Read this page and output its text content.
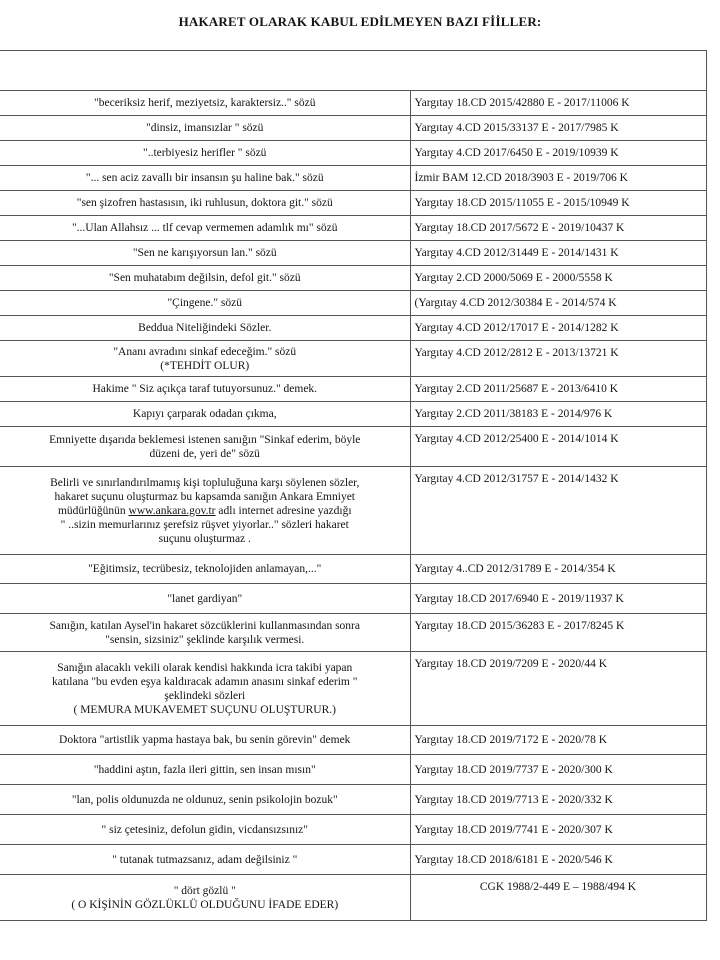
HAKARET OLARAK KABUL EDİLMEYEN BAZI FİİLLER:

"beceriksiz herif, meziyetsiz, karaktersiz.." sözü	Yargıtay 18.CD 2015/42880 E - 2017/11006 K
"dinsiz, imansızlar " sözü	Yargıtay 4.CD 2015/33137 E - 2017/7985 K
"..terbiyesiz herifler " sözü	Yargıtay 4.CD 2017/6450 E - 2019/10939 K
"... sen aciz zavallı bir insansın şu haline bak." sözü	İzmir BAM 12.CD 2018/3903 E - 2019/706 K
"sen şizofren hastasısın, iki ruhlusun, doktora git." sözü	Yargıtay 18.CD 2015/11055 E - 2015/10949 K
"...Ulan Allahsız ... tlf cevap vermemen adamlık mı" sözü	Yargıtay 18.CD 2017/5672 E - 2019/10437 K
"Sen ne karışıyorsun lan." sözü	Yargıtay 4.CD 2012/31449 E - 2014/1431 K
"Sen muhatabım değilsin, defol git." sözü	Yargıtay 2.CD 2000/5069 E - 2000/5558 K
"Çingene." sözü	(Yargıtay 4.CD 2012/30384 E - 2014/574 K
Beddua Niteliğindeki Sözler.	Yargıtay 4.CD 2012/17017 E - 2014/1282 K

"Ananı avradını sinkaf edeceğim." sözü
(*TEHDİT OLUR)	Yargıtay 4.CD 2012/2812 E - 2013/13721 K
Hakime " Siz açıkça taraf tutuyorsunuz." demek.	Yargıtay 2.CD 2011/25687 E - 2013/6410 K
Kapıyı çarparak odadan çıkma,	Yargıtay 2.CD 2011/38183 E - 2014/976 K

Emniyette dışarıda beklemesi istenen sanığın "Sinkaf ederim, böyle
düzeni de, yeri de" sözü	Yargıtay 4.CD 2012/25400 E - 2014/1014 K

Belirli ve sınırlandırılmamış kişi topluluğuna karşı söylenen sözler,
hakaret suçunu oluşturmaz bu kapsamda sanığın Ankara Emniyet
müdürlüğünün www.ankara.gov.tr adlı internet adresine yazdığı
" ..sizin memurlarınız şerefsiz rüşvet yiyorlar.." sözleri hakaret
suçunu oluşturmaz .	Yargıtay 4.CD 2012/31757 E - 2014/1432 K
"Eğitimsiz, tecrübesiz, teknolojiden anlamayan,..."	Yargıtay 4..CD 2012/31789 E - 2014/354 K
"lanet gardiyan"	Yargıtay 18.CD 2017/6940 E - 2019/11937 K

Sanığın, katılan Aysel'in hakaret sözcüklerini kullanmasından sonra
"sensin, sizsiniz" şeklinde karşılık vermesi.	Yargıtay 18.CD 2015/36283 E - 2017/8245 K

Sanığın alacaklı vekili olarak kendisi hakkında icra takibi yapan
katılana "bu evden eşya kaldıracak adamın anasını sinkaf ederim "
şeklindeki sözleri
( MEMURA MUKAVEMET SUÇUNU OLUŞTURUR.)	Yargıtay 18.CD 2019/7209 E - 2020/44 K
Doktora "artistlik yapma hastaya bak, bu senin görevin" demek	Yargıtay 18.CD 2019/7172 E - 2020/78 K
"haddini aştın, fazla ileri gittin, sen insan mısın"	Yargıtay 18.CD 2019/7737 E - 2020/300 K
"lan, polis oldunuzda ne oldunuz, senin psikolojin bozuk"	Yargıtay 18.CD 2019/7713 E - 2020/332 K
" siz çetesiniz, defolun gidin, vicdansızsınız"	Yargıtay 18.CD 2019/7741 E - 2020/307 K
" tutanak tutmazsanız, adam değilsiniz "	Yargıtay 18.CD 2018/6181 E - 2020/546 K

" dört gözlü "
( O KİŞİNİN GÖZLÜKLÜ OLDUĞUNU İFADE EDER)	CGK 1988/2-449 E – 1988/494 K
